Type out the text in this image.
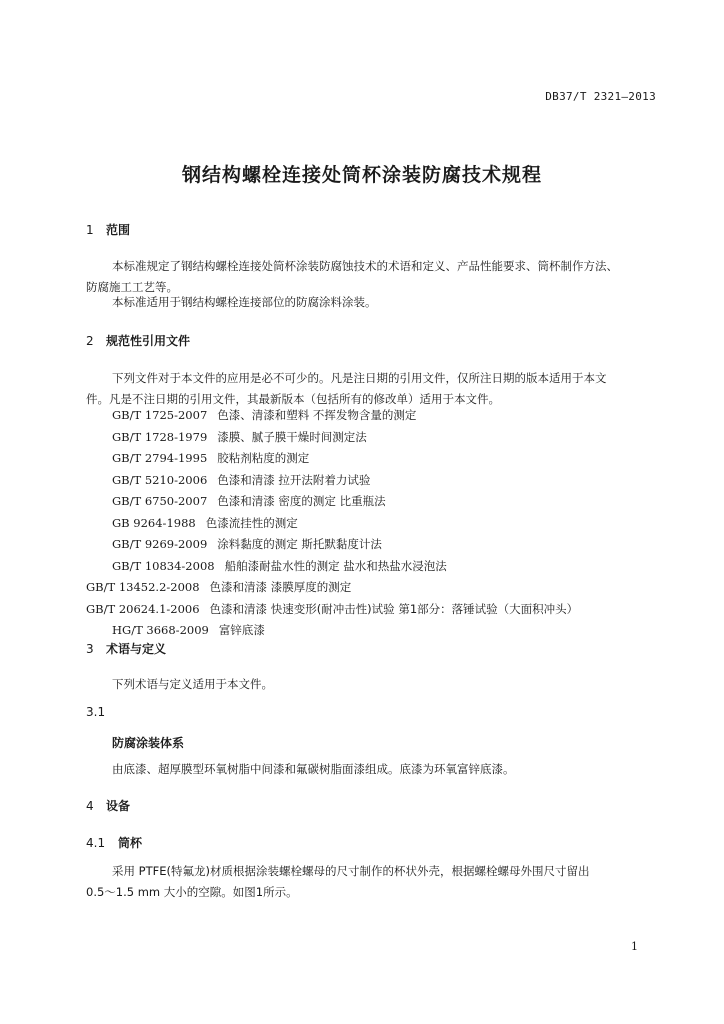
DB37/T 2321—2013
钢结构螺栓连接处筒杯涂装防腐技术规程
1 范围
本标准规定了钢结构螺栓连接处筒杯涂装防腐蚀技术的术语和定义、产品性能要求、筒杯制作方法、
防腐施工工艺等。
本标准适用于钢结构螺栓连接部位的防腐涂料涂装。
2 规范性引用文件
下列文件对于本文件的应用是必不可少的。凡是注日期的引用文件，仅所注日期的版本适用于本文
件。凡是不注日期的引用文件，其最新版本（包括所有的修改单）适用于本文件。
GB/T 1725-2007 色漆、清漆和塑料 不挥发物含量的测定
GB/T 1728-1979 漆膜、腻子膜干燥时间测定法
GB/T 2794-1995 胶粘剂粘度的测定
GB/T 5210-2006 色漆和清漆 拉开法附着力试验
GB/T 6750-2007 色漆和清漆 密度的测定 比重瓶法
GB 9264-1988 色漆流挂性的测定
GB/T 9269-2009 涂料黏度的测定 斯托默黏度计法
GB/T 10834-2008 船舶漆耐盐水性的测定 盐水和热盐水浸泡法
GB/T 13452.2-2008 色漆和清漆 漆膜厚度的测定
GB/T 20624.1-2006 色漆和清漆 快速变形(耐冲击性)试验 第1部分：落锤试验（大面积冲头）
HG/T 3668-2009 富锌底漆
3 术语与定义
下列术语与定义适用于本文件。
3.1
防腐涂装体系
由底漆、超厚膜型环氧树脂中间漆和氟碳树脂面漆组成。底漆为环氧富锌底漆。
4 设备
4.1 筒杯
采用 PTFE(特氟龙)材质根据涂装螺栓螺母的尺寸制作的杯状外壳，根据螺栓螺母外围尺寸留出
0.5～1.5 mm 大小的空隙。如图1所示。
1
